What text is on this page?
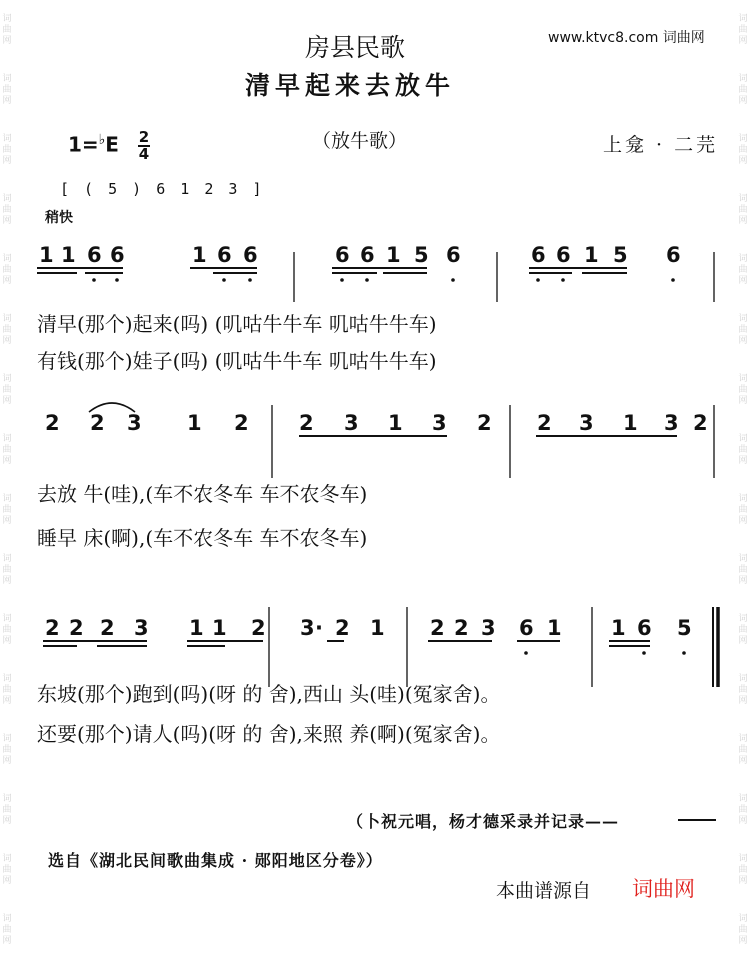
词
曲
网
词
曲
网
词
曲
网
词
曲
网
词
曲
网
词
曲
网
词
曲
网
词
曲
网
词
曲
网
词
曲
网
词
曲
网
词
曲
网
词
曲
网
词
曲
网
词
曲
网
词
曲
网
词
曲
网
词
曲
网
词
曲
网
词
曲
网
词
曲
网
词
曲
网
词
曲
网
词
曲
网
词
曲
网
词
曲
网
词
曲
网
词
曲
网
词
曲
网
词
曲
网
词
曲
网
词
曲
网
房县民歌
清早起来去放牛
www.ktvc8.com 词曲网
$1=^♭E \frac{2}{4}$	（放牛歌）	上龛 · 二芫
[ ( 5 ) 6 1 2 3 ]
稍快
1 1 6 6	1 6 6	6 6 1 5 6	6 6 1 5 6
清早(那个)起来(吗) (叽咕牛牛车 叽咕牛牛车)
有钱(那个)娃子(吗) (叽咕牛牛车 叽咕牛牛车)
2 2 3 1 2 2 3 1 3 2 2 3 1 3 2
去放 牛(哇),(车不农冬车 车不农冬车)
睡早 床(啊),(车不农冬车 车不农冬车)
2 2 2 3 1 1 2 3 · 2 1 2 2 3 6 1 1 6 5
东坡(那个)跑到(吗)(呀 的 舍),西山 头(哇)(冤家舍)。
还要(那个)请人(吗)(呀 的 舍),来照 养(啊)(冤家舍)。
（卜祝元唱，杨才德采录并记录——
选自《湖北民间歌曲集成 · 郧阳地区分卷》）
本曲谱源自 词曲网
